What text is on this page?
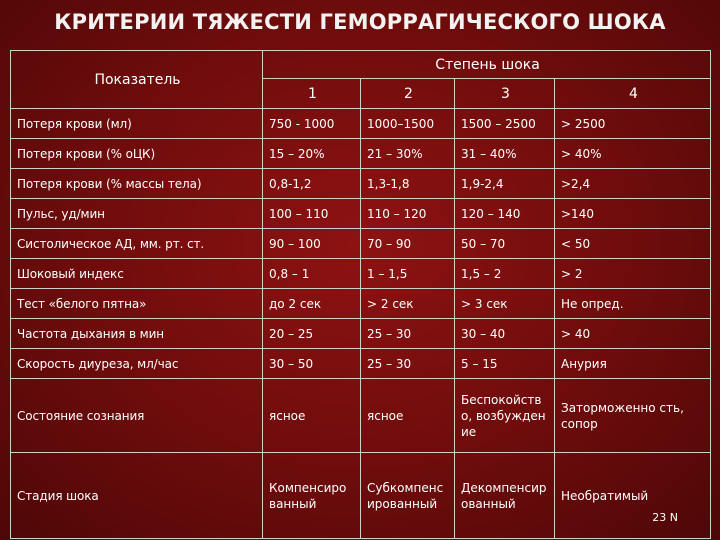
КРИТЕРИИ ТЯЖЕСТИ ГЕМОРРАГИЧЕСКОГО ШОКА
Показатель	Степень шока			
	1	2	3	4
Потеря крови (мл)	750 - 1000	1000–1500	1500 – 2500	> 2500
Потеря крови (% оЦК)	15 – 20%	21 – 30%	31 – 40%	> 40%
Потеря крови (% массы тела)	0,8-1,2	1,3-1,8	1,9-2,4	>2,4
Пульс, уд/мин	100 – 110	110 – 120	120 – 140	>140
Систолическое АД, мм. рт. ст.	90 – 100	70 – 90	50 – 70	< 50
Шоковый индекс	0,8 – 1	1 – 1,5	1,5 – 2	> 2
Тест «белого пятна»	до 2 сек	> 2 сек	> 3 сек	Не опред.
Частота дыхания в мин	20 – 25	25 – 30	30 – 40	> 40
Скорость диуреза, мл/час	30 – 50	25 – 30	5 – 15	Анурия
Состояние сознания	ясное	ясное	Беспокойств о, возбуждение	Заторможенно сть, сопор
Стадия шока	Компенсиро ванный	Субкомпенс ированный	Декомпенсир ованный	Необратимый
23 N
